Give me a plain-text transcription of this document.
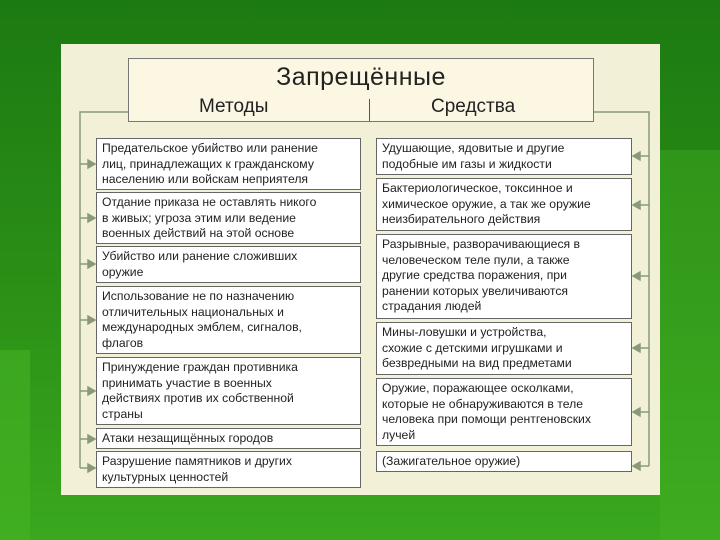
Запрещённые
Методы	Средства
Предательское убийство или ранение
лиц, принадлежащих к гражданскому
населению или войскам неприятеля
Отдание приказа не оставлять никого
в живых; угроза этим или ведение
военных действий на этой основе
Убийство или ранение сложивших
оружие
Использование не по назначению
отличительных национальных и
международных эмблем, сигналов,
флагов
Принуждение граждан противника
принимать участие в военных
действиях против их собственной
страны
Атаки незащищённых городов
Разрушение памятников и других
культурных ценностей
Удушающие, ядовитые и другие
подобные им газы и жидкости
Бактериологическое, токсинное и
химическое оружие, а так же оружие
неизбирательного действия
Разрывные, разворачивающиеся в
человеческом теле пули, а также
другие средства поражения, при
ранении которых увеличиваются
страдания людей
Мины-ловушки и устройства,
схожие с детскими игрушками и
безвредными на вид предметами
Оружие, поражающее осколками,
которые не обнаруживаются в теле
человека при помощи рентгеновских
лучей
(Зажигательное оружие)
